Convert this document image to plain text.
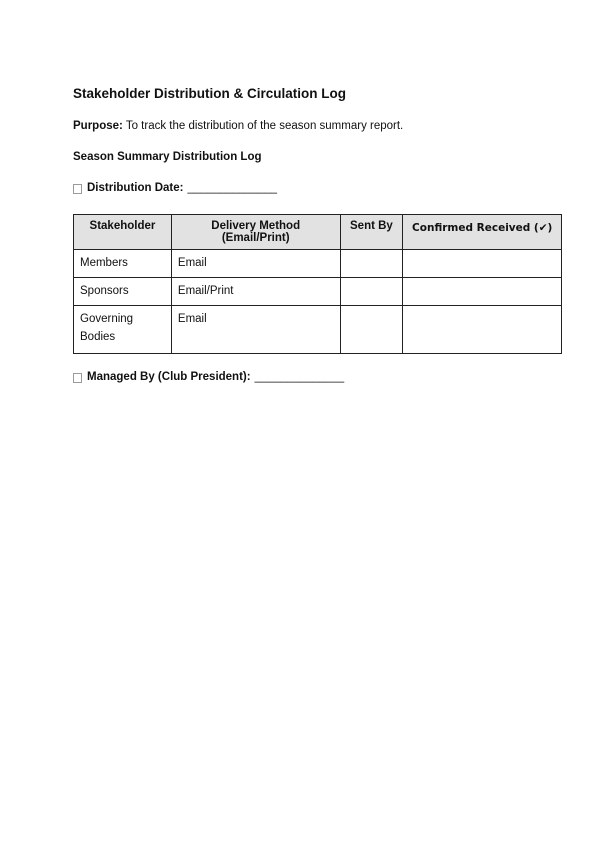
Stakeholder Distribution & Circulation Log
Purpose: To track the distribution of the season summary report.
Season Summary Distribution Log
Distribution Date: ______________
Stakeholder	Delivery Method (Email/Print)	Sent By	Confirmed Received (✔)
Members	Email		
Sponsors	Email/Print		
Governing Bodies	Email		
Managed By (Club President): ______________
